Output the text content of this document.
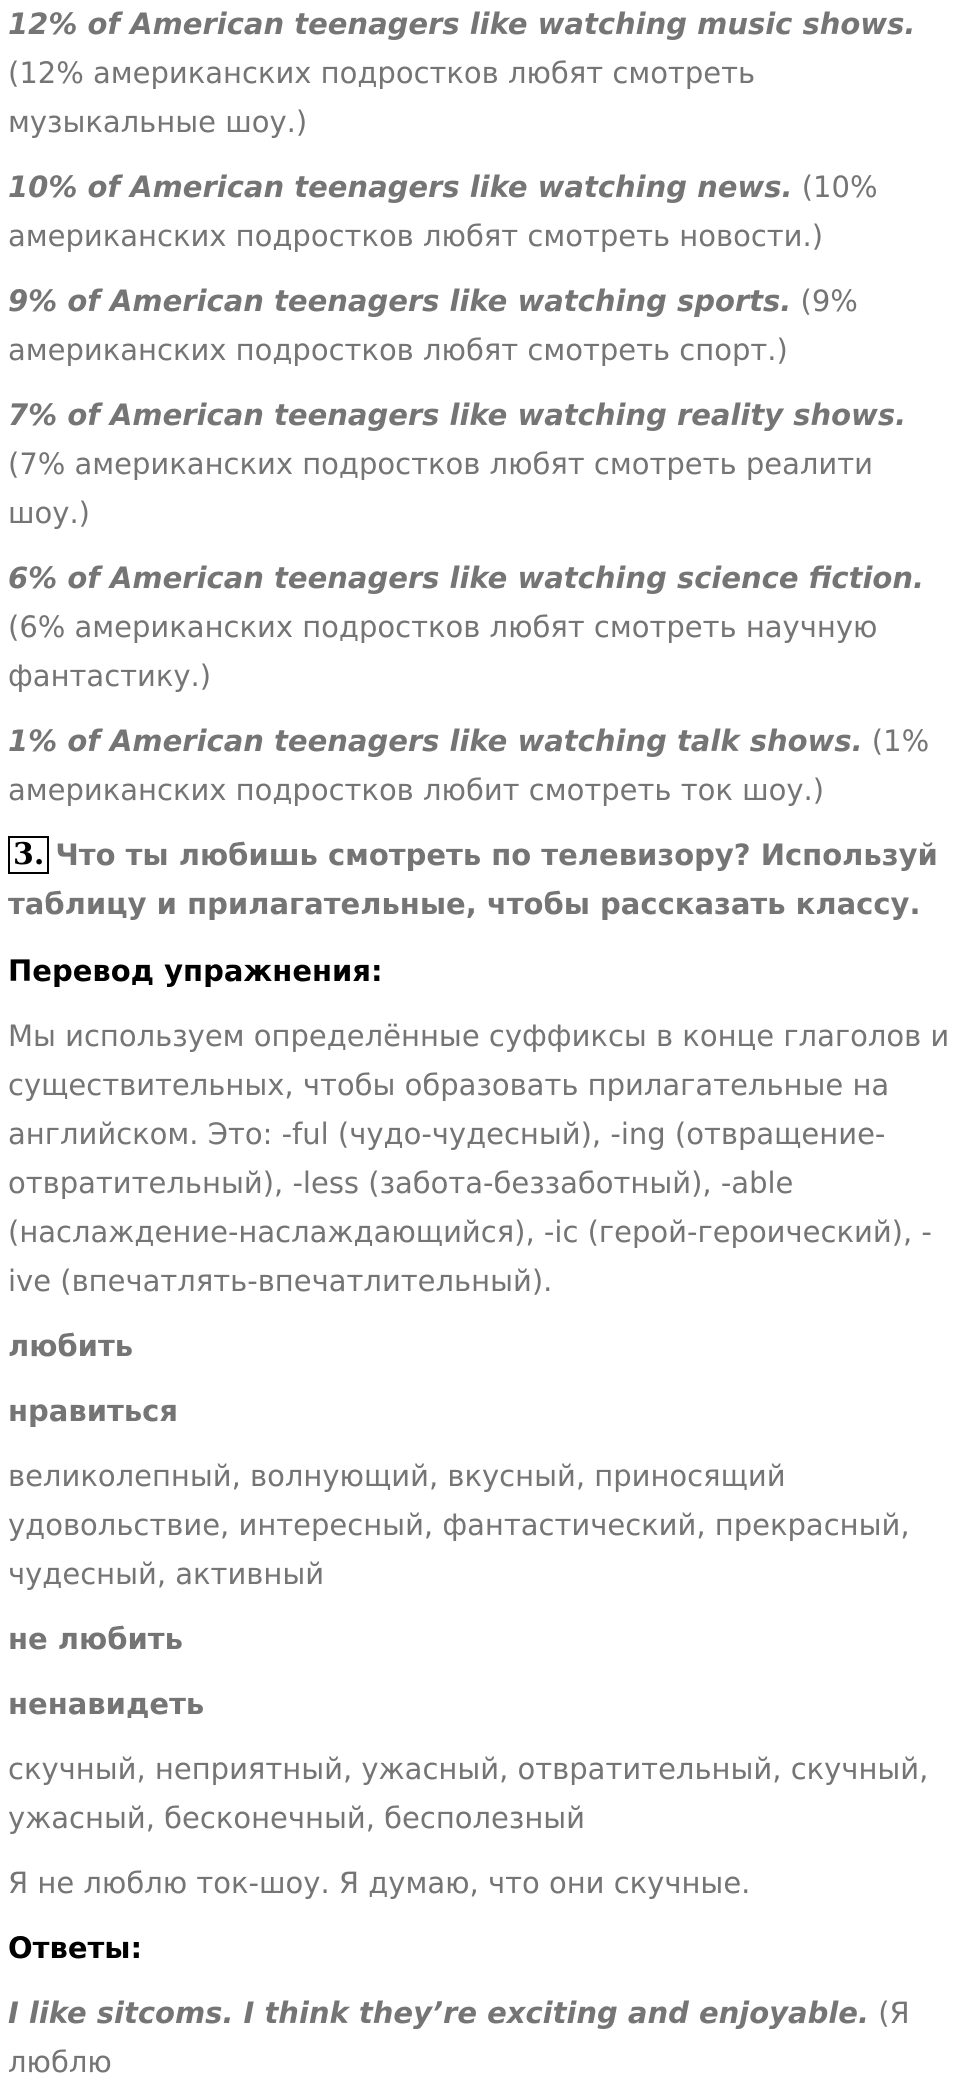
12% of American teenagers like watching music shows. (12% американских подростков любят смотреть музыкальные шоу.)

10% of American teenagers like watching news. (10% американских подростков любят смотреть новости.)

9% of American teenagers like watching sports. (9% американских подростков любят смотреть спорт.)

7% of American teenagers like watching reality shows. (7% американских подростков любят смотреть реалити шоу.)

6% of American teenagers like watching science fiction. (6% американских подростков любят смотреть научную фантастику.)

1% of American teenagers like watching talk shows. (1% американских подростков любит смотреть ток шоу.)

3. Что ты любишь смотреть по телевизору? Используй таблицу и прилагательные, чтобы рассказать классу.

Перевод упражнения:

Мы используем определённые суффиксы в конце глаголов и существительных, чтобы образовать прилагательные на английском. Это: -ful (чудо-чудесный), -ing (отвращение-отвратительный), -less (забота-беззаботный), -able (наслаждение-наслаждающийся), -ic (герой-героический), -ive (впечатлять-впечатлительный).

любить

нравиться

великолепный, волнующий, вкусный, приносящий удовольствие, интересный, фантастический, прекрасный, чудесный, активный

не любить

ненавидеть

скучный, неприятный, ужасный, отвратительный, скучный, ужасный, бесконечный, бесполезный

Я не люблю ток-шоу. Я думаю, что они скучные.

Ответы:

I like sitcoms. I think they’re exciting and enjoyable. (Я люблю
